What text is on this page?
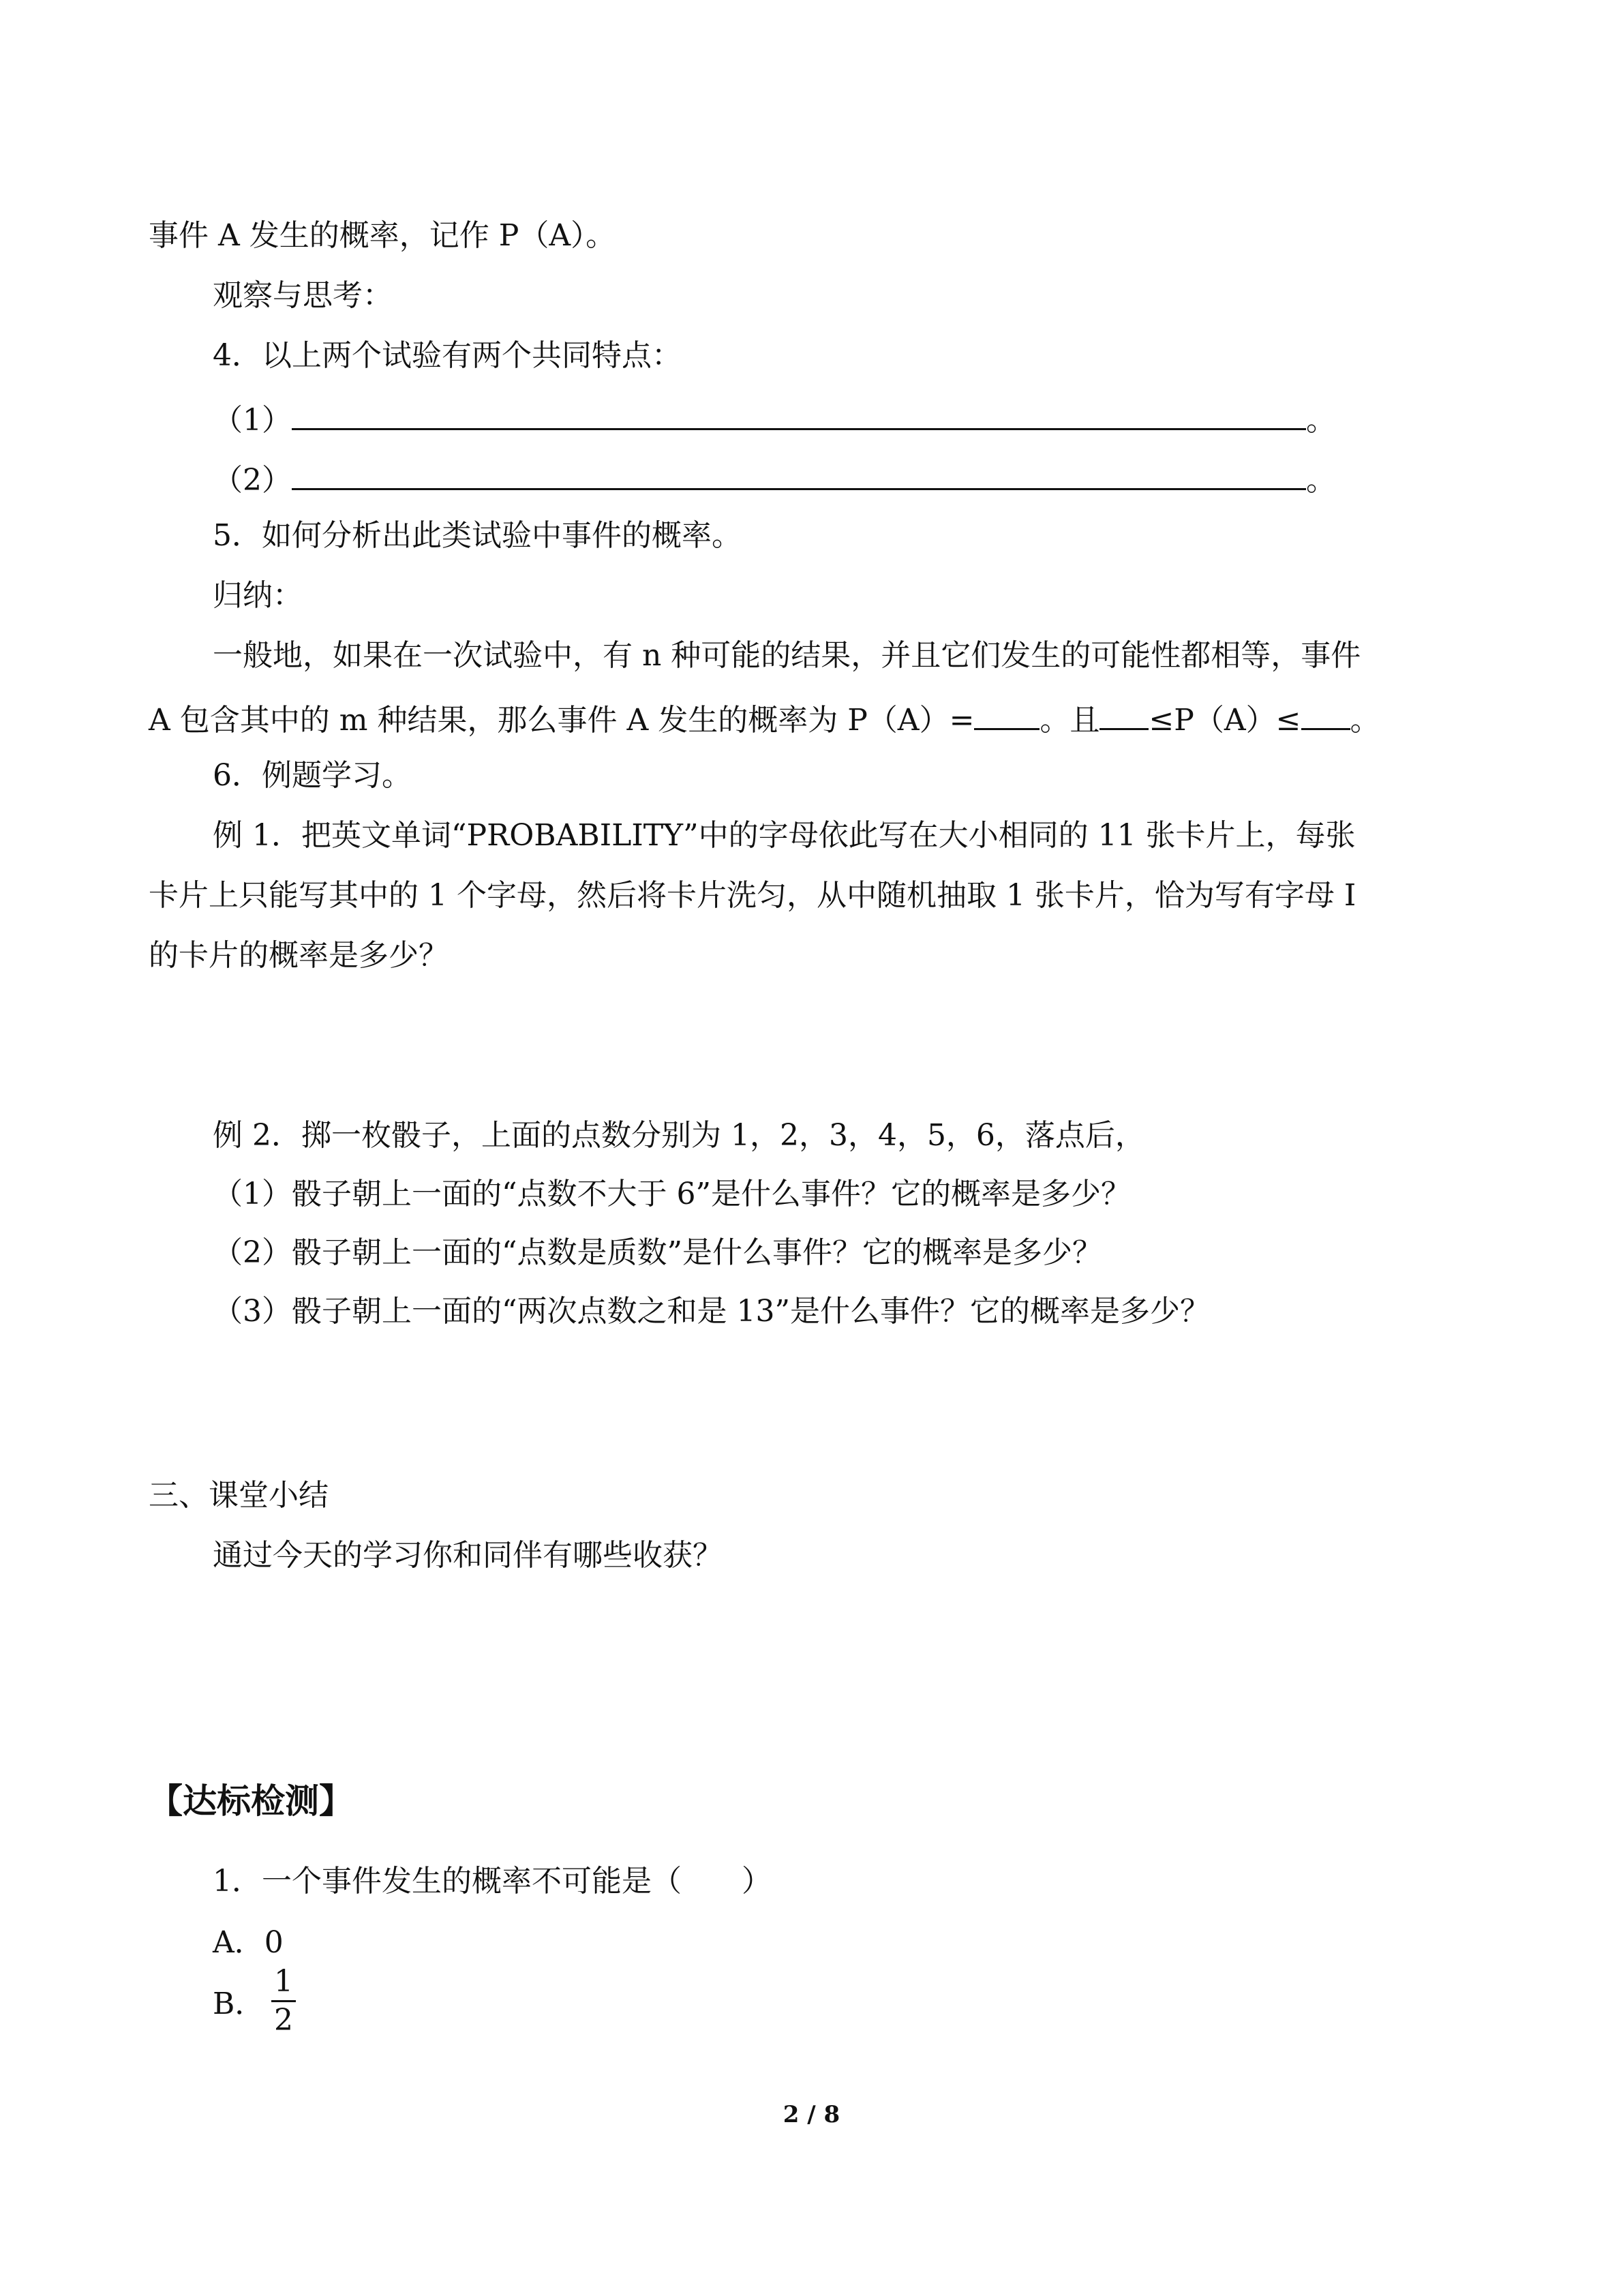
事件 A 发生的概率，记作 P（A）。
观察与思考：
4．以上两个试验有两个共同特点：
（1）	。
（2）	。
5．如何分析出此类试验中事件的概率。
归纳：
一般地，如果在一次试验中，有 n 种可能的结果，并且它们发生的可能性都相等，事件
A 包含其中的 m 种结果，那么事件 A 发生的概率为 P（A）= 。且 ≤P（A）≤ 。
6．例题学习。
例 1．把英文单词“PROBABILITY”中的字母依此写在大小相同的 11 张卡片上，每张
卡片上只能写其中的 1 个字母，然后将卡片洗匀，从中随机抽取 1 张卡片，恰为写有字母 I
的卡片的概率是多少？
例 2．掷一枚骰子，上面的点数分别为 1，2，3，4，5，6，落点后，
（1）骰子朝上一面的“点数不大于 6”是什么事件？它的概率是多少？
（2）骰子朝上一面的“点数是质数”是什么事件？它的概率是多少？
（3）骰子朝上一面的“两次点数之和是 13”是什么事件？它的概率是多少？
三、课堂小结
通过今天的学习你和同伴有哪些收获？
【达标检测】
1．一个事件发生的概率不可能是（　　）
A．0
B．
1
2
2 / 8
